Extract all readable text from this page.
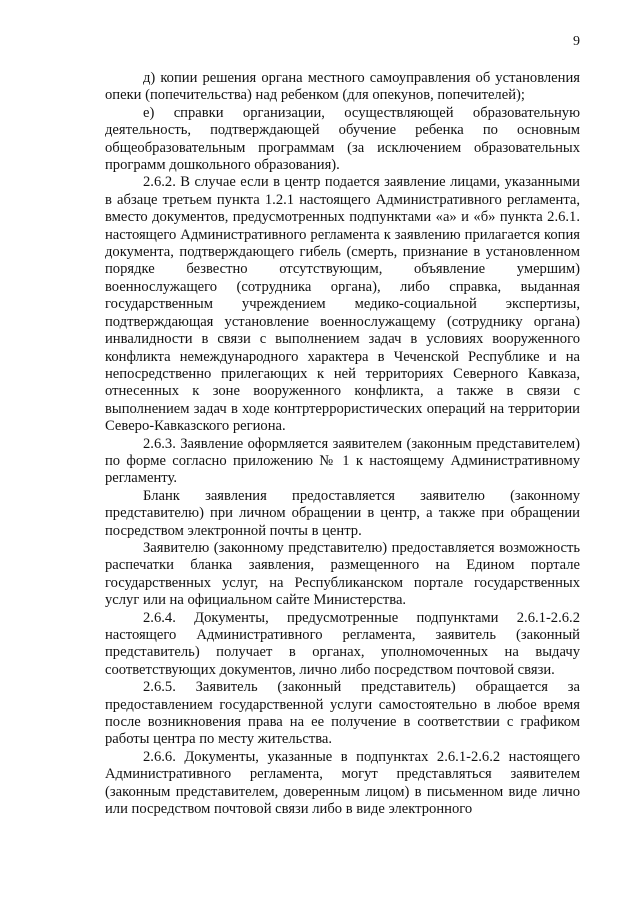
9

д) копии решения органа местного самоуправления об установления опеки (попечительства) над ребенком (для опекунов, попечителей);

е) справки организации, осуществляющей образовательную деятельность, подтверждающей обучение ребенка по основным общеобразовательным программам (за исключением образовательных программ дошкольного образования).

2.6.2. В случае если в центр подается заявление лицами, указанными в абзаце третьем пункта 1.2.1 настоящего Административного регламента, вместо документов, предусмотренных подпунктами «а» и «б» пункта 2.6.1. настоящего Административного регламента к заявлению прилагается копия документа, подтверждающего гибель (смерть, признание в установленном порядке безвестно отсутствующим, объявление умершим) военнослужащего (сотрудника органа), либо справка, выданная государственным учреждением медико-социальной экспертизы, подтверждающая установление военнослужащему (сотруднику органа) инвалидности в связи с выполнением задач в условиях вооруженного конфликта немеждународного характера в Чеченской Республике и на непосредственно прилегающих к ней территориях Северного Кавказа, отнесенных к зоне вооруженного конфликта, а также в связи с выполнением задач в ходе контртеррористических операций на территории Северо-Кавказского региона.

2.6.3. Заявление оформляется заявителем (законным представителем) по форме согласно приложению № 1 к настоящему Административному регламенту.

Бланк заявления предоставляется заявителю (законному представителю) при личном обращении в центр, а также при обращении посредством электронной почты в центр.

Заявителю (законному представителю) предоставляется возможность распечатки бланка заявления, размещенного на Едином портале государственных услуг, на Республиканском портале государственных услуг или на официальном сайте Министерства.

2.6.4. Документы, предусмотренные подпунктами 2.6.1-2.6.2 настоящего Административного регламента, заявитель (законный представитель) получает в органах, уполномоченных на выдачу соответствующих документов, лично либо посредством почтовой связи.

2.6.5. Заявитель (законный представитель) обращается за предоставлением государственной услуги самостоятельно в любое время после возникновения права на ее получение в соответствии с графиком работы центра по месту жительства.

2.6.6. Документы, указанные в подпунктах 2.6.1-2.6.2 настоящего Административного регламента, могут представляться заявителем (законным представителем, доверенным лицом) в письменном виде лично или посредством почтовой связи либо в виде электронного
